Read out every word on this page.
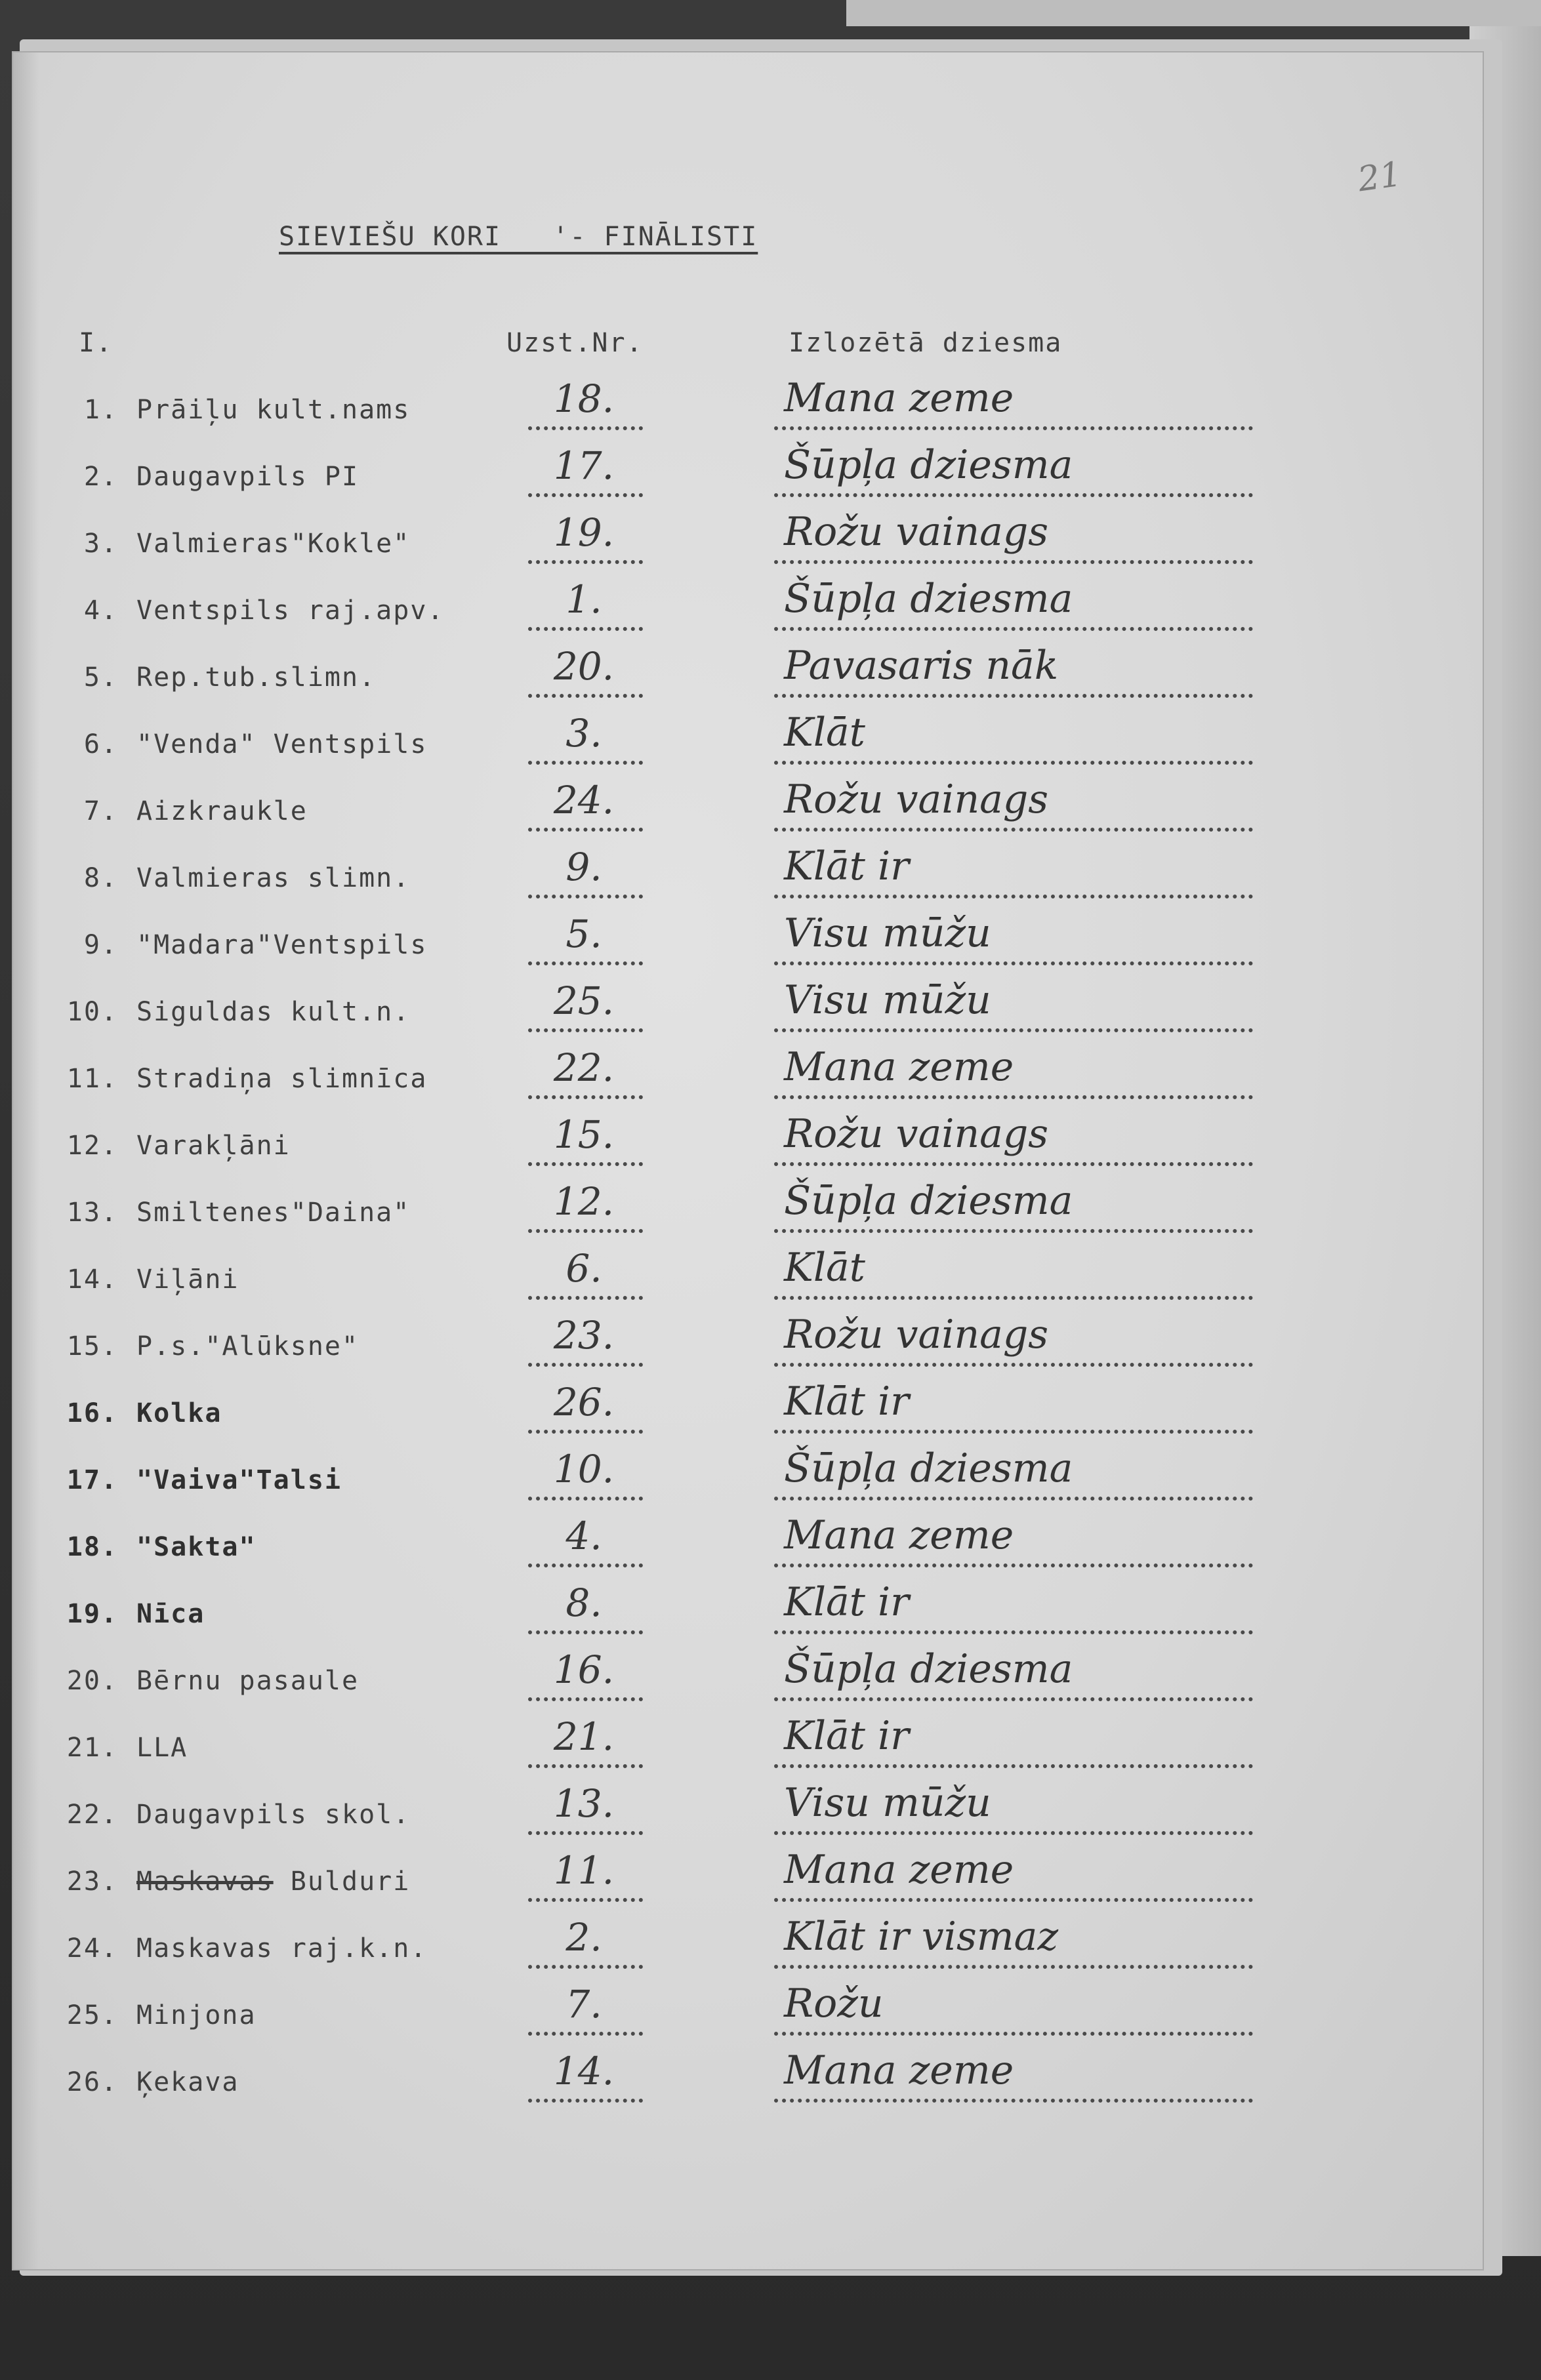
SIEVIEŠU KORI   '- FINĀLISTI
21
I.	Uzst.Nr.	Izlozētā dziesma
1. Prāiļu kult.nams	18.	Mana zeme
2. Daugavpils PI	17.	Šūpļa dziesma
3. Valmieras"Kokle"	19.	Rožu vainags
4. Ventspils raj.apv.	1.	Šūpļa dziesma
5. Rep.tub.slimn.	20.	Pavasaris nāk
6. "Venda" Ventspils	3.	Klāt
7. Aizkraukle	24.	Rožu vainags
8. Valmieras slimn.	9.	Klāt ir
9. "Madara"Ventspils	5.	Visu mūžu
10. Siguldas kult.n.	25.	Visu mūžu
11. Stradiņa slimnīca	22.	Mana zeme
12. Varakļāni	15.	Rožu vainags
13. Smiltenes"Daina"	12.	Šūpļa dziesma
14. Viļāni	6.	Klāt
15. P.s."Alūksne"	23.	Rožu vainags
16. Kolka	26.	Klāt ir
17. "Vaiva"Talsi	10.	Šūpļa dziesma
18. "Sakta"	4.	Mana zeme
19. Nīca	8.	Klāt ir
20. Bērnu pasaule	16.	Šūpļa dziesma
21. LLA	21.	Klāt ir
22. Daugavpils skol.	13.	Visu mūžu
23. Maskavas Bulduri	11.	Mana zeme
24. Maskavas raj.k.n.	2.	Klāt ir vismaz
25. Minjona	7.	Rožu
26. Ķekava	14.	Mana zeme
